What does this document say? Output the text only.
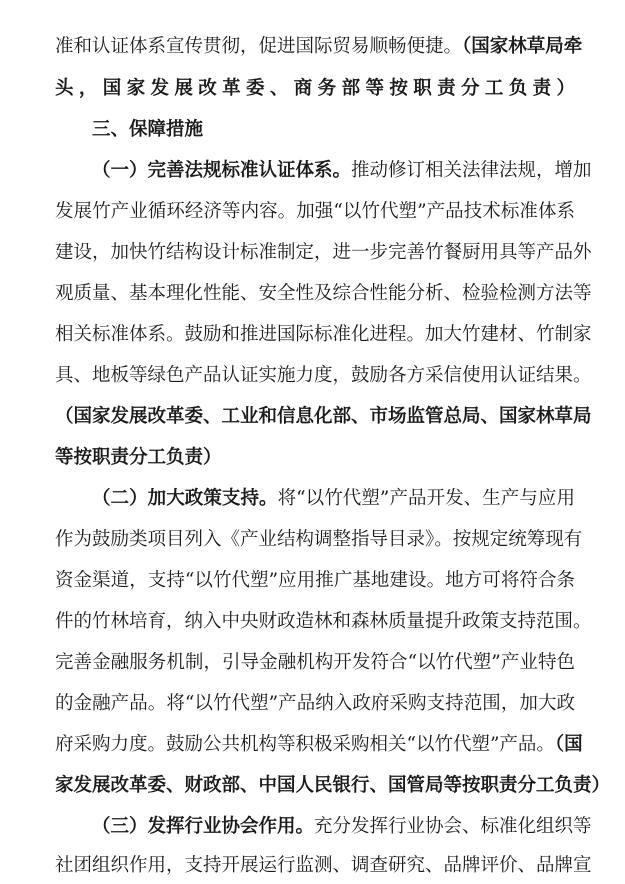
准和认证体系宣传贯彻，促进国际贸易顺畅便捷。（国家林草局牵
头，国家发展改革委、商务部等按职责分工负责）
三、保障措施
（一）完善法规标准认证体系。推动修订相关法律法规，增加
发展竹产业循环经济等内容。加强“以竹代塑”产品技术标准体系
建设，加快竹结构设计标准制定，进一步完善竹餐厨用具等产品外
观质量、基本理化性能、安全性及综合性能分析、检验检测方法等
相关标准体系。鼓励和推进国际标准化进程。加大竹建材、竹制家
具、地板等绿色产品认证实施力度，鼓励各方采信使用认证结果。
（国家发展改革委、工业和信息化部、市场监管总局、国家林草局
等按职责分工负责）
（二）加大政策支持。将“以竹代塑”产品开发、生产与应用
作为鼓励类项目列入《产业结构调整指导目录》。按规定统筹现有
资金渠道，支持“以竹代塑”应用推广基地建设。地方可将符合条
件的竹林培育，纳入中央财政造林和森林质量提升政策支持范围。
完善金融服务机制，引导金融机构开发符合“以竹代塑”产业特色
的金融产品。将“以竹代塑”产品纳入政府采购支持范围，加大政
府采购力度。鼓励公共机构等积极采购相关“以竹代塑”产品。（国
家发展改革委、财政部、中国人民银行、国管局等按职责分工负责）
（三）发挥行业协会作用。充分发挥行业协会、标准化组织等
社团组织作用，支持开展运行监测、调查研究、品牌评价、品牌宣
